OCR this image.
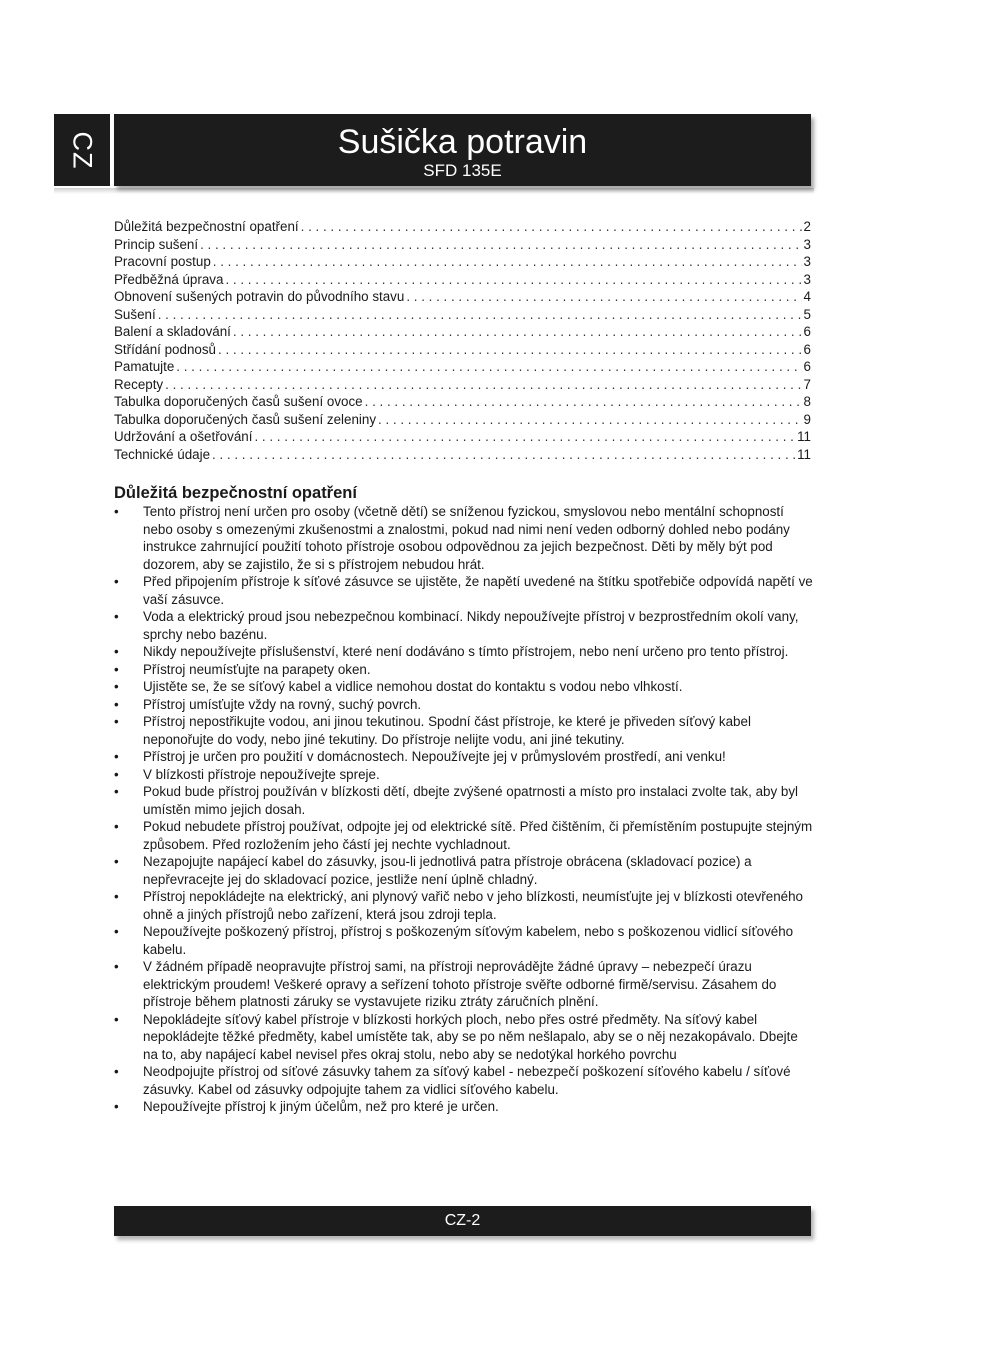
CZ	Sušička potravin
SFD 135E
Důležitá bezpečnostní opatření . . .	2
Princip sušení . . .	3
Pracovní postup . . .	3
Předběžná úprava . . .	3
Obnovení sušených potravin do původního stavu . . .	4
Sušení . . .	5
Balení a skladování . . .	6
Střídání podnosů . . .	6
Pamatujte . . .	6
Recepty . . .	7
Tabulka doporučených časů sušení ovoce . . .	8
Tabulka doporučených časů sušení zeleniny . . .	9
Udržování a ošetřování . . .	11
Technické údaje . . .	11
Důležitá bezpečnostní opatření
•	Tento přístroj není určen pro osoby (včetně dětí) se sníženou fyzickou, smyslovou nebo mentální schopností nebo osoby s omezenými zkušenostmi a znalostmi, pokud nad nimi není veden odborný dohled nebo podány instrukce zahrnující použití tohoto přístroje osobou odpovědnou za jejich bezpečnost. Děti by měly být pod dozorem, aby se zajistilo, že si s přístrojem nebudou hrát.
•	Před připojením přístroje k síťové zásuvce se ujistěte, že napětí uvedené na štítku spotřebiče odpovídá napětí ve vaší zásuvce.
•	Voda a elektrický proud jsou nebezpečnou kombinací. Nikdy nepoužívejte přístroj v bezprostředním okolí vany, sprchy nebo bazénu.
•	Nikdy nepoužívejte příslušenství, které není dodáváno s tímto přístrojem, nebo není určeno pro tento přístroj.
•	Přístroj neumísťujte na parapety oken.
•	Ujistěte se, že se síťový kabel a vidlice nemohou dostat do kontaktu s vodou nebo vlhkostí.
•	Přístroj umísťujte vždy na rovný, suchý povrch.
•	Přístroj nepostřikujte vodou, ani jinou tekutinou. Spodní část přístroje, ke které je přiveden síťový kabel neponořujte do vody, nebo jiné tekutiny. Do přístroje nelijte vodu, ani jiné tekutiny.
•	Přístroj je určen pro použití v domácnostech. Nepoužívejte jej v průmyslovém prostředí, ani venku!
•	V blízkosti přístroje nepoužívejte spreje.
•	Pokud bude přístroj používán v blízkosti dětí, dbejte zvýšené opatrnosti a místo pro instalaci zvolte tak, aby byl umístěn mimo jejich dosah.
•	Pokud nebudete přístroj používat, odpojte jej od elektrické sítě. Před čištěním, či přemístěním postupujte stejným způsobem. Před rozložením jeho částí jej nechte vychladnout.
•	Nezapojujte napájecí kabel do zásuvky, jsou-li jednotlivá patra přístroje obrácena (skladovací pozice) a nepřevracejte jej do skladovací pozice, jestliže není úplně chladný.
•	Přístroj nepokládejte na elektrický, ani plynový vařič nebo v jeho blízkosti, neumísťujte jej v blízkosti otevřeného ohně a jiných přístrojů nebo zařízení, která jsou zdroji tepla.
•	Nepoužívejte poškozený přístroj, přístroj s poškozeným síťovým kabelem, nebo s poškozenou vidlicí síťového kabelu.
•	V žádném případě neopravujte přístroj sami, na přístroji neprovádějte žádné úpravy – nebezpečí úrazu elektrickým proudem! Veškeré opravy a seřízení tohoto přístroje svěřte odborné firmě/servisu. Zásahem do přístroje během platnosti záruky se vystavujete riziku ztráty záručních plnění.
•	Nepokládejte síťový kabel přístroje v blízkosti horkých ploch, nebo přes ostré předměty. Na síťový kabel nepokládejte těžké předměty, kabel umístěte tak, aby se po něm nešlapalo, aby se o něj nezakopávalo. Dbejte na to, aby napájecí kabel nevisel přes okraj stolu, nebo aby se nedotýkal horkého povrchu
•	Neodpojujte přístroj od síťové zásuvky tahem za síťový kabel - nebezpečí poškození síťového kabelu / síťové zásuvky. Kabel od zásuvky odpojujte tahem za vidlici síťového kabelu.
•	Nepoužívejte přístroj k jiným účelům, než pro které je určen.
CZ-2
